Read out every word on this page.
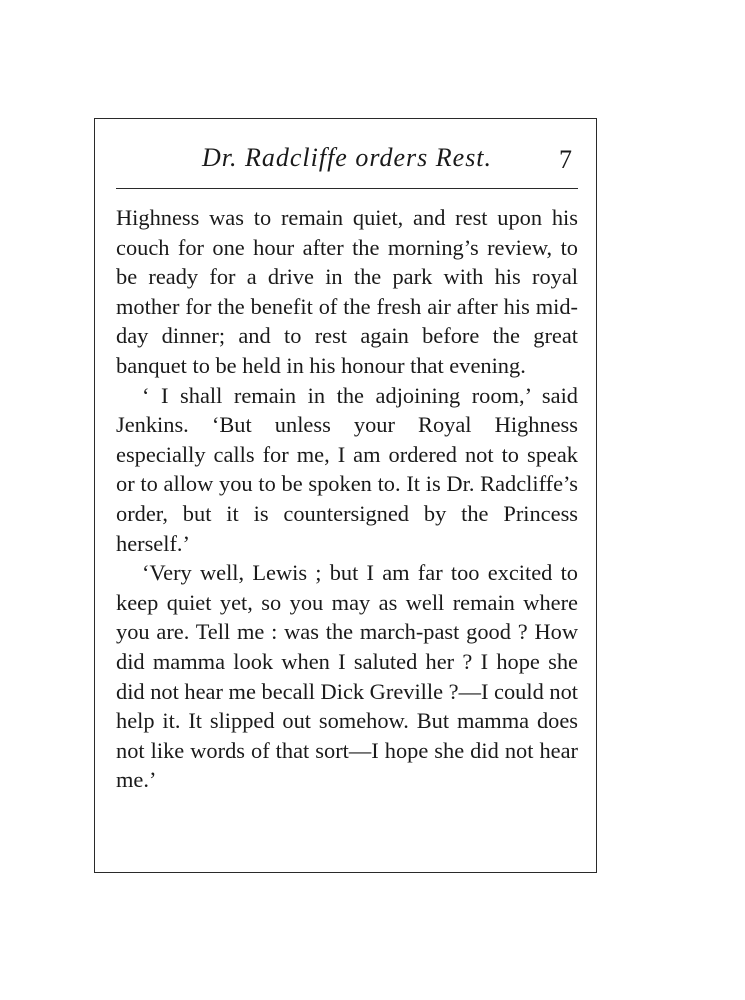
Dr. Radcliffe orders Rest.	7

Highness was to remain quiet, and rest upon his couch for one hour after the morning’s review, to be ready for a drive in the park with his royal mother for the benefit of the fresh air after his mid-day dinner; and to rest again before the great banquet to be held in his honour that evening.

‘ I shall remain in the adjoining room,’ said Jenkins. ‘But unless your Royal Highness especially calls for me, I am ordered not to speak or to allow you to be spoken to. It is Dr. Radcliffe’s order, but it is countersigned by the Princess herself.’

‘Very well, Lewis ; but I am far too excited to keep quiet yet, so you may as well remain where you are. Tell me : was the march-past good ? How did mamma look when I saluted her ? I hope she did not hear me becall Dick Greville ?—I could not help it. It slipped out somehow. But mamma does not like words of that sort—I hope she did not hear me.’
